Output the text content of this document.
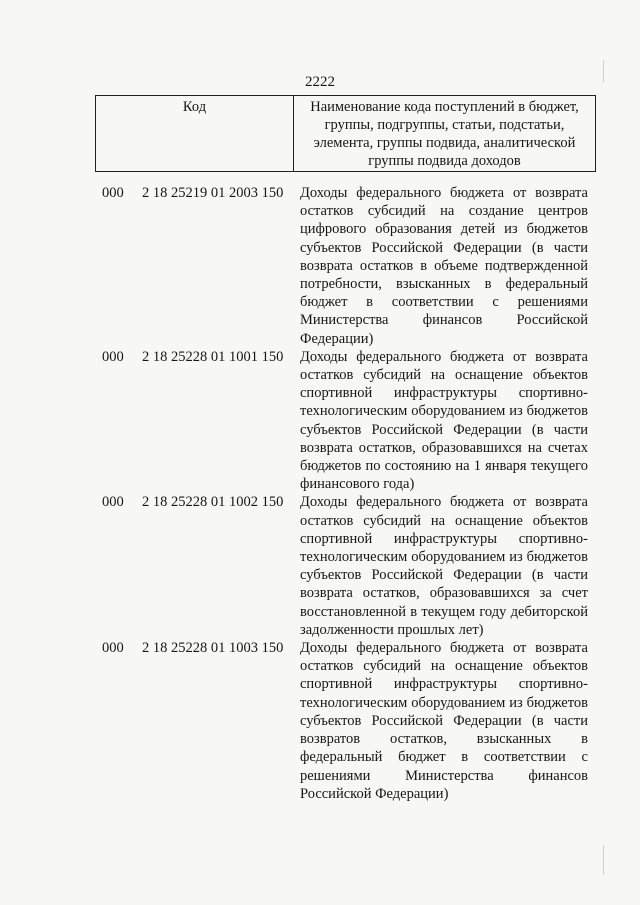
2222
Код	Наименование кода поступлений в бюджет, группы, подгруппы, статьи, подстатьи, элемента, группы подвида, аналитической группы подвида доходов
000	2 18 25219 01 2003 150	Доходы федерального бюджета от возврата остатков субсидий на создание центров цифрового образования детей из бюджетов субъектов Российской Федерации (в части возврата остатков в объеме подтвержденной потребности, взысканных в федеральный бюджет в соответствии с решениями Министерства финансов Российской Федерации)
000	2 18 25228 01 1001 150	Доходы федерального бюджета от возврата остатков субсидий на оснащение объектов спортивной инфраструктуры спортивно-технологическим оборудованием из бюджетов субъектов Российской Федерации (в части возврата остатков, образовавшихся на счетах бюджетов по состоянию на 1 января текущего финансового года)
000	2 18 25228 01 1002 150	Доходы федерального бюджета от возврата остатков субсидий на оснащение объектов спортивной инфраструктуры спортивно-технологическим оборудованием из бюджетов субъектов Российской Федерации (в части возврата остатков, образовавшихся за счет восстановленной в текущем году дебиторской задолженности прошлых лет)
000	2 18 25228 01 1003 150	Доходы федерального бюджета от возврата остатков субсидий на оснащение объектов спортивной инфраструктуры спортивно-технологическим оборудованием из бюджетов субъектов Российской Федерации (в части возвратов остатков, взысканных в федеральный бюджет в соответствии с решениями Министерства финансов Российской Федерации)
